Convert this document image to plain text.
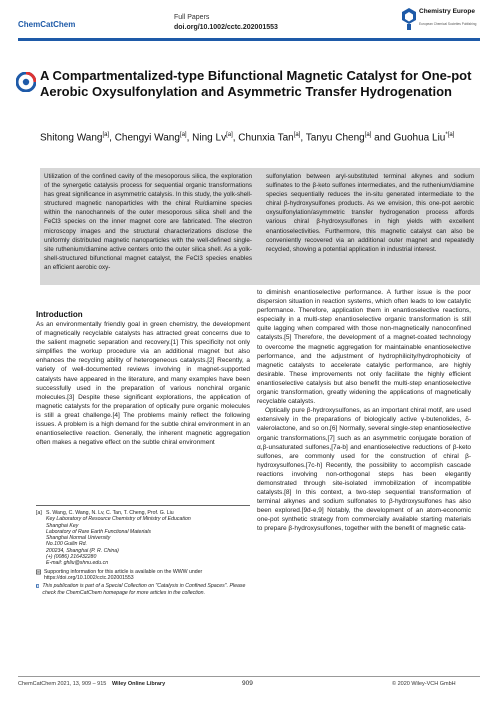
ChemCatChem
Full Papers
doi.org/10.1002/cctc.202001553
Chemistry Europe
European Chemical Societies Publishing
A Compartmentalized-type Bifunctional Magnetic Catalyst for One-pot Aerobic Oxysulfonylation and Asymmetric Transfer Hydrogenation
Shitong Wang[a], Chengyi Wang[a], Ning Lv[a], Chunxia Tan[a], Tanyu Cheng[a] and Guohua Liu$^{*[a]}$
Utilization of the confined cavity of the mesoporous silica, the exploration of the synergetic catalysis process for sequential organic transformations has great significance in asymmetric catalysis. In this study, the yolk-shell-structured magnetic nanoparticles with the chiral Ru/diamine species within the nanochannels of the outer mesoporous silica shell and the FeCl3 species on the inner magnet core are fabricated. The electron microscopy images and the structural characterizations disclose the uniformly distributed magnetic nanoparticles with the well-defined single-site ruthenium/diamine active centers onto the outer silica shell. As a yolk-shell-structured bifunctional magnet catalyst, the FeCl3 species enables an efficient aerobic oxy-
sulfonylation between aryl-substituted terminal alkynes and sodium sulfinates to the β-keto sulfones intermediates, and the ruthenium/diamine species sequentially reduces the in-situ generated intermediate to the chiral β-hydroxysulfones products. As we envision, this one-pot aerobic oxysulfonylation/asymmetric transfer hydrogenation process affords various chiral β-hydroxysulfones in high yields with excellent enantioselectivities. Furthermore, this magnetic catalyst can also be conveniently recovered via an additional outer magnet and repeatedly recycled, showing a potential application in industrial interest.
Introduction

As an environmentally friendly goal in green chemistry, the development of magnetically recyclable catalysts has attracted great concerns due to the salient magnetic separation and recovery.[1] This specificity not only simplifies the workup procedure via an additional magnet but also enhances the recycling ability of heterogeneous catalysts.[2] Recently, a variety of well-documented reviews involving in magnet-supported catalysts have appeared in the literature, and many examples have been successfully used in the preparation of various nonchiral organic molecules.[3] Despite these significant explorations, the application of magnetic catalysts for the preparation of optically pure organic molecules is still a great challenge.[4] The problems mainly reflect the following issues. A problem is a high demand for the subtle chiral environment in an enantioselective reaction. Generally, the inherent magnetic aggregation often makes a negative effect on the subtle chiral environment

to diminish enantioselective performance. A further issue is the poor dispersion situation in reaction systems, which often leads to low catalytic performance. Therefore, application them in enantioselective reactions, especially in a multi-step enantioselective organic transformation is still quite lagging when compared with those non-magnetically nanoconfined catalysts.[5] Therefore, the development of a magnet-coated technology to overcome the magnetic aggregation for maintainable enantioselective performance, and the adjustment of hydrophilicity/hydrophobicity of magnetic catalysts to accelerate catalytic performance, are highly desirable. These improvements not only facilitate the highly efficient enantioselective catalysis but also benefit the multi-step enantioselective organic transformation, greatly widening the applications of magnetically recyclable catalysts.

Optically pure β-hydroxysulfones, as an important chiral motif, are used extensively in the preparations of biologically active γ-butenolides, δ-valerolactone, and so on.[6] Normally, several single-step enantioselective organic transformations,[7] such as an asymmetric conjugate boration of α,β-unsaturated sulfones,[7a-b] and enantioselective reductions of β-keto sulfones, are commonly used for the construction of chiral β-hydroxysulfones.[7c-h] Recently, the possibility to accomplish cascade reactions involving non-orthogonal steps has been elegantly demonstrated through site-isolated immobilization of incompatible catalysts.[8] In this context, a two-step sequential transformation of terminal alkynes and sodium sulfonates to β-hydroxysulfones has also been explored.[9d-e,9] Notably, the development of an atom-economic one-pot synthetic strategy from commercially available starting materials to prepare β-hydroxysulfones, together with the benefit of magnetic cata-

[a] S. Wang, C. Wang, N. Lv, C. Tan, T. Cheng, Prof. G. Liu
Key Laboratory of Resource Chemistry of Ministry of Education
Shanghai Key
Laboratory of Rare Earth Functional Materials
Shanghai Normal University
No.100 Guilin Rd.
200234, Shanghai (P. R. China)
(+) (0086) 216432280
E-mail: ghliu@shnu.edu.cn
Supporting information for this article is available on the WWW under https://doi.org/10.1002/cctc.202001553
This publication is part of a Special Collection on "Catalysis in Confined Spaces". Please check the ChemCatChem homepage for more articles in the collection.
ChemCatChem 2021, 13, 909 – 915 Wiley Online Library	909	© 2020 Wiley-VCH GmbH
